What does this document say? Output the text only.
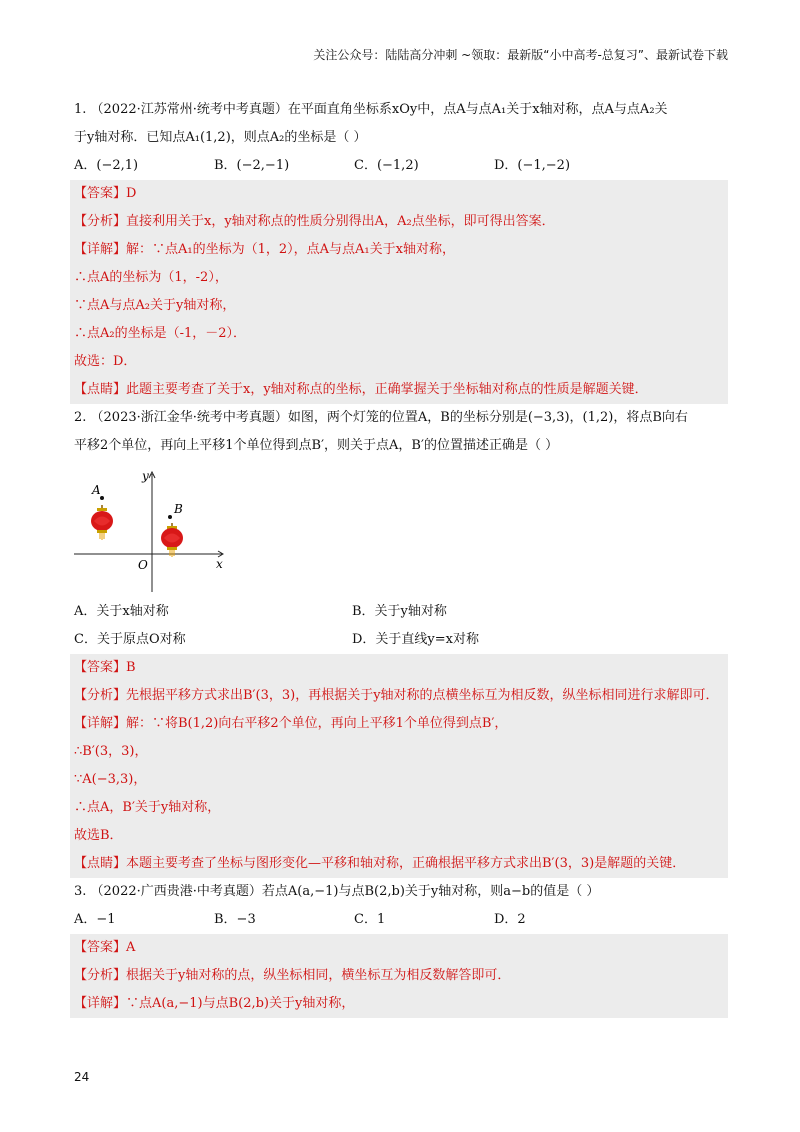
关注公众号：陆陆高分冲刺 ~领取：最新版“小中高考-总复习”、最新试卷下载

1. （2022·江苏常州·统考中考真题）在平面直角坐标系xOy中，点A与点A₁关于x轴对称，点A与点A₂关

于y轴对称．已知点A₁(1,2)，则点A₂的坐标是（ ）

A．(−2,1)	B．(−2,−1)	C．(−1,2)	D．(−1,−2)

【答案】D

【分析】直接利用关于x，y轴对称点的性质分别得出A，A₂点坐标，即可得出答案．

【详解】解：∵点A₁的坐标为（1，2），点A与点A₁关于x轴对称，

∴点A的坐标为（1，-2），

∵点A与点A₂关于y轴对称，

∴点A₂的坐标是（-1，－2）．

故选：D．

【点睛】此题主要考查了关于x，y轴对称点的坐标，正确掌握关于坐标轴对称点的性质是解题关键．

2. （2023·浙江金华·统考中考真题）如图，两个灯笼的位置A，B的坐标分别是(−3,3)，(1,2)，将点B向右

平移2个单位，再向上平移1个单位得到点B′，则关于点A，B′的位置描述正确是（ ）

y
x
O
A
B
A．关于x轴对称	B．关于y轴对称
C．关于原点O对称	D．关于直线y=x对称

【答案】B

【分析】先根据平移方式求出B′(3，3)，再根据关于y轴对称的点横坐标互为相反数，纵坐标相同进行求解即可．

【详解】解：∵将B(1,2)向右平移2个单位，再向上平移1个单位得到点B′，

∴B′(3，3)，

∵A(−3,3)，

∴点A，B′关于y轴对称，

故选B．

【点睛】本题主要考查了坐标与图形变化—平移和轴对称，正确根据平移方式求出B′(3，3)是解题的关键．

3. （2022·广西贵港·中考真题）若点A(a,−1)与点B(2,b)关于y轴对称，则a−b的值是（ ）

A．−1	B．−3	C．1	D．2

【答案】A

【分析】根据关于y轴对称的点，纵坐标相同，横坐标互为相反数解答即可．

【详解】∵点A(a,−1)与点B(2,b)关于y轴对称，

24
